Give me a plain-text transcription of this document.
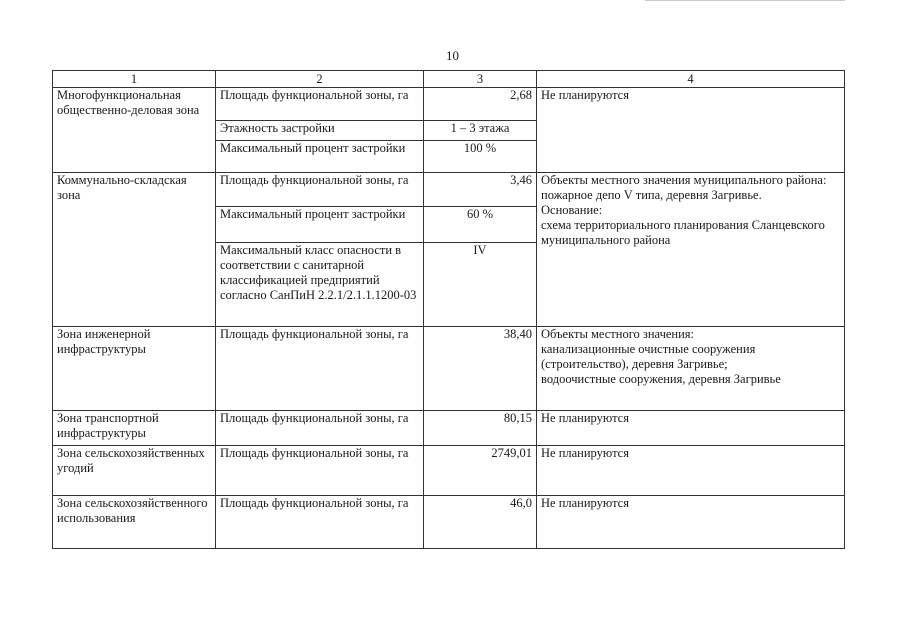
10
1	2	3	4
Многофункциональная общественно-деловая зона	Площадь функциональной зоны, га	2,68	Не планируются
	Этажность застройки	1 – 3 этажа	
	Максимальный процент застройки	100 %	
Коммунально-складская зона	Площадь функциональной зоны, га	3,46	Объекты местного значения муниципального района:
пожарное депо V типа, деревня Загривье.
Основание:
схема территориального планирования Сланцевского муниципального района

	Максимальный процент застройки	60 %	
	Максимальный класс опасности в соответствии с санитарной классификацией предприятий согласно СанПиН 2.2.1/2.1.1.1200-03	IV	
Зона инженерной инфраструктуры	Площадь функциональной зоны, га	38,40	Объекты местного значения:
канализационные очистные сооружения (строительство), деревня Загривье;
водоочистные сооружения, деревня Загривье

Зона транспортной инфраструктуры	Площадь функциональной зоны, га	80,15	Не планируются
Зона сельскохозяйственных угодий	Площадь функциональной зоны, га	2749,01	Не планируются
Зона сельскохозяйственного использования	Площадь функциональной зоны, га	46,0	Не планируются
